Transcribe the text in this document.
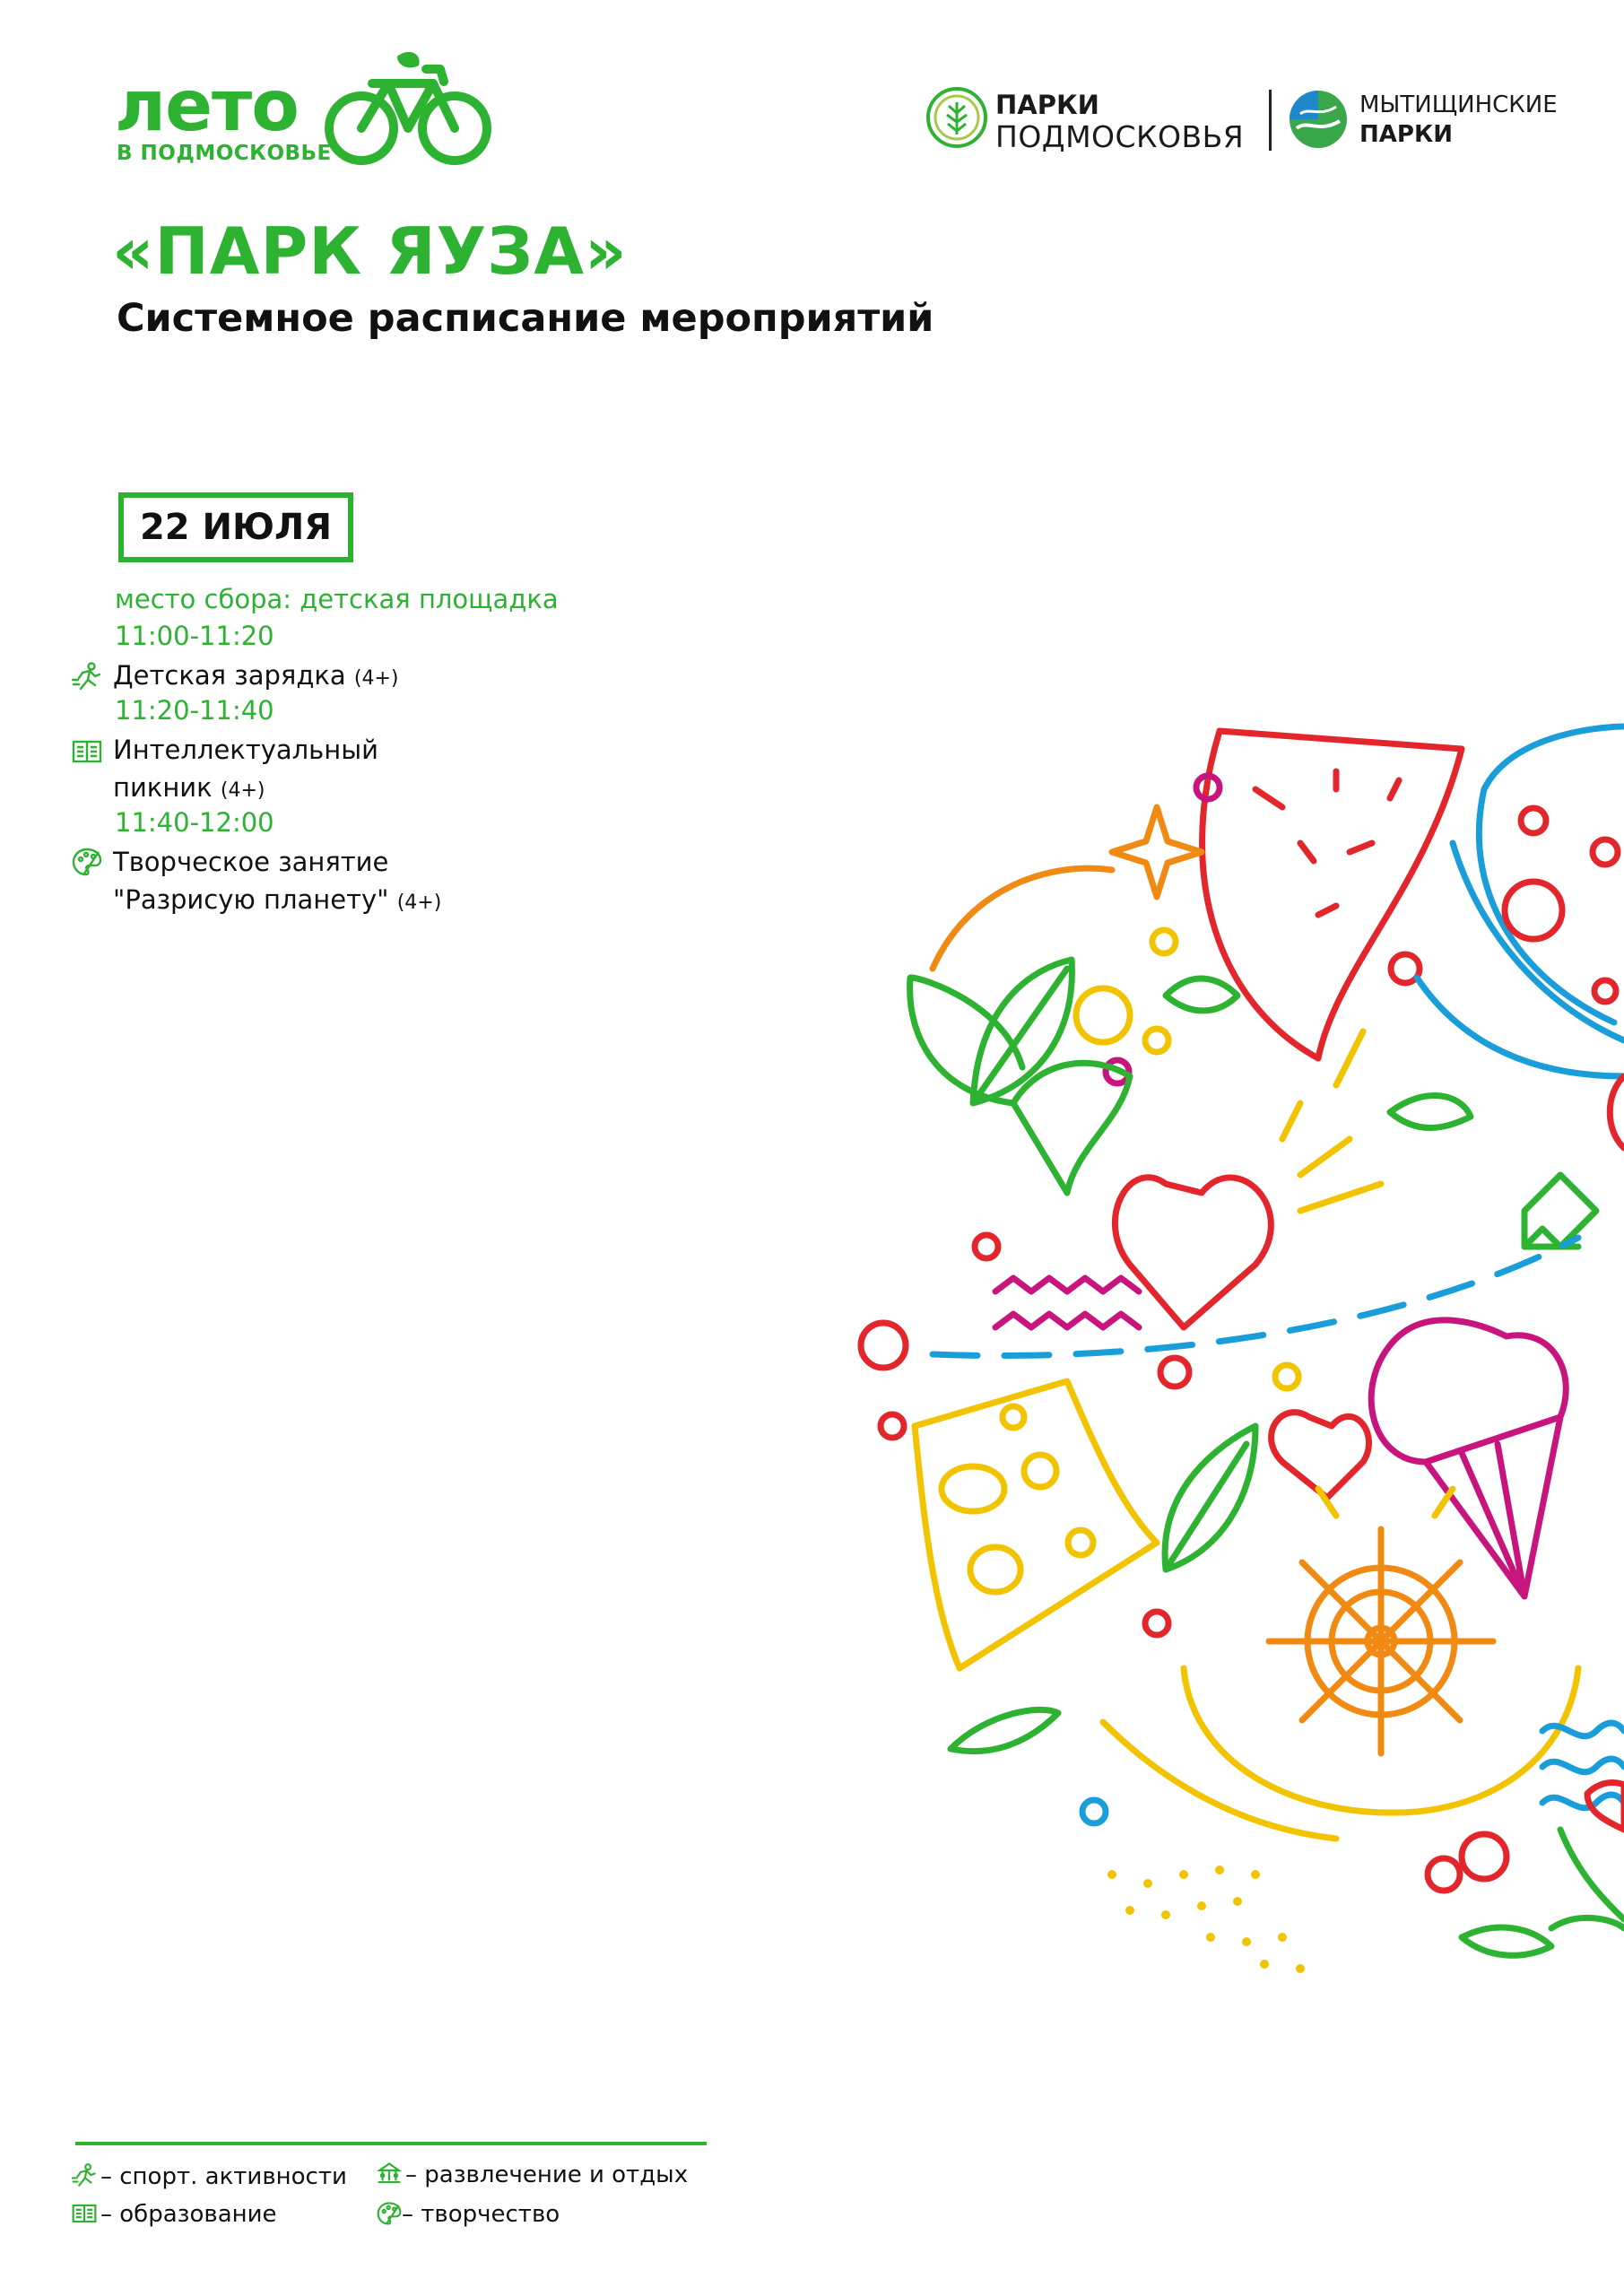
лето
В ПОДМОСКОВЬЕ
ПАРКИ
ПОДМОСКОВЬЯ
МЫТИЩИНСКИЕ
ПАРКИ
«ПАРК ЯУЗА»
Системное расписание мероприятий
22 ИЮЛЯ
место сбора: детская площадка
11:00-11:20
Детская зарядка (4+)
11:20-11:40
Интеллектуальный
пикник (4+)
11:40-12:00
Творческое занятие
"Разрисую планету" (4+)
– спорт. активности	– развлечение и отдых
– образование	– творчество
